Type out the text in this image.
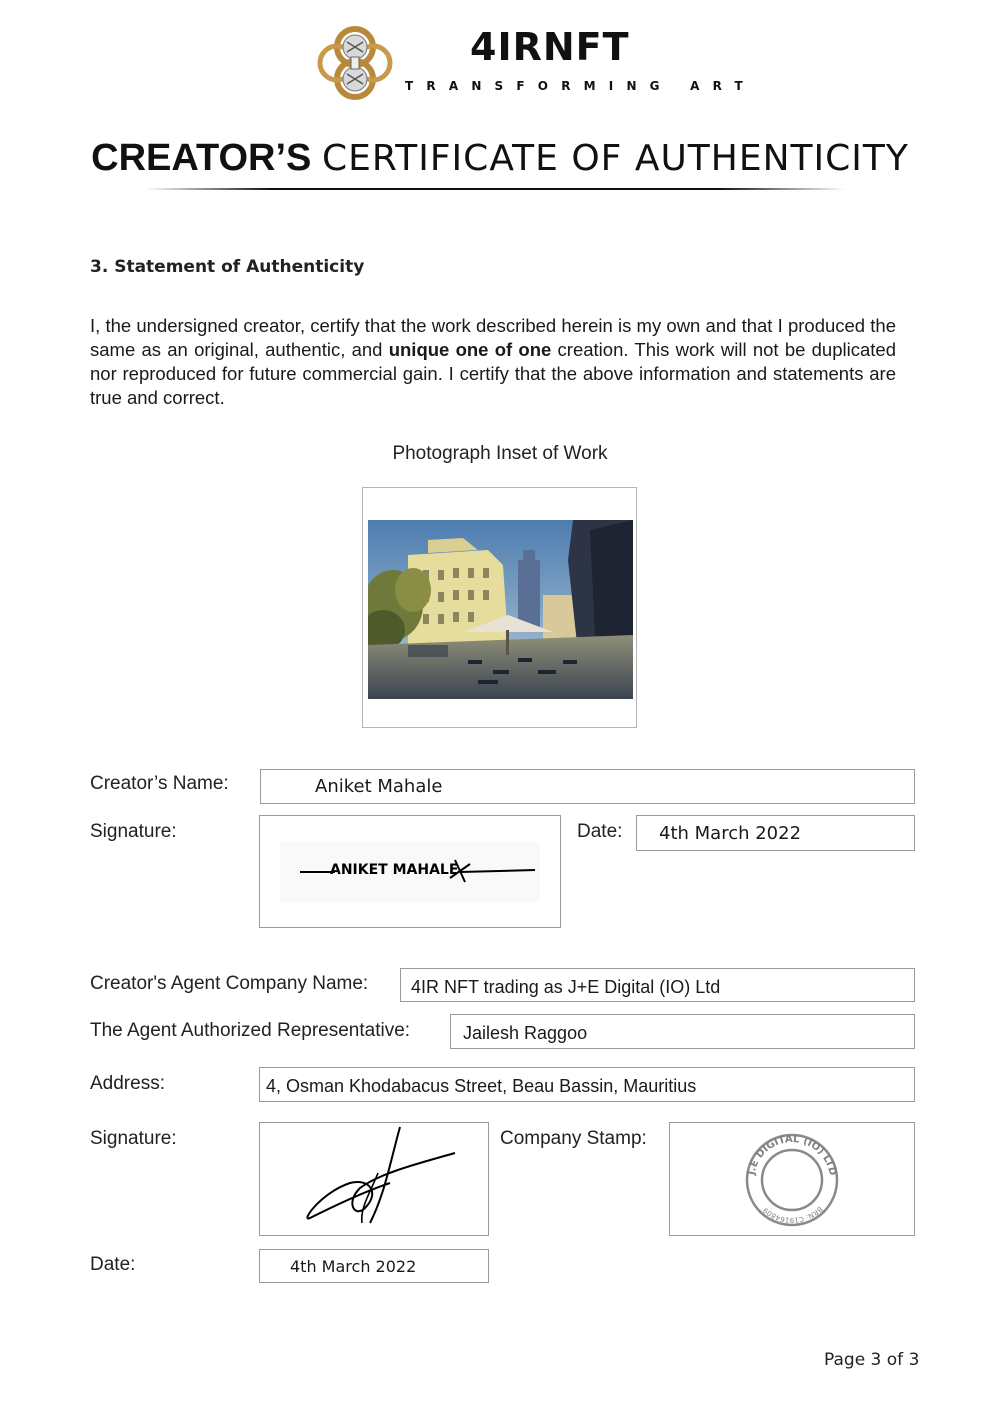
4IRNFT
TRANSFORMING ART
CREATOR’S CERTIFICATE OF AUTHENTICITY
3. Statement of Authenticity
I, the undersigned creator, certify that the work described herein is my own and that I produced the same as an original, authentic, and unique one of one creation. This work will not be duplicated nor reproduced for future commercial gain. I certify that the above information and statements are true and correct.
Photograph Inset of Work
Creator’s Name:	Aniket Mahale
Signature:
ANIKET MAHALE
Date: 4th March 2022
Creator's Agent Company Name: 4IR NFT trading as J+E Digital (IO) Ltd
The Agent Authorized Representative:	Jailesh Raggoo
Address:	4, Osman Khodabacus Street, Beau Bassin, Mauritius
Signature:	Company Stamp:
J.E DIGITAL (IO) LTD
BRN: C19164809
Date:	4th March 2022
Page 3 of 3
